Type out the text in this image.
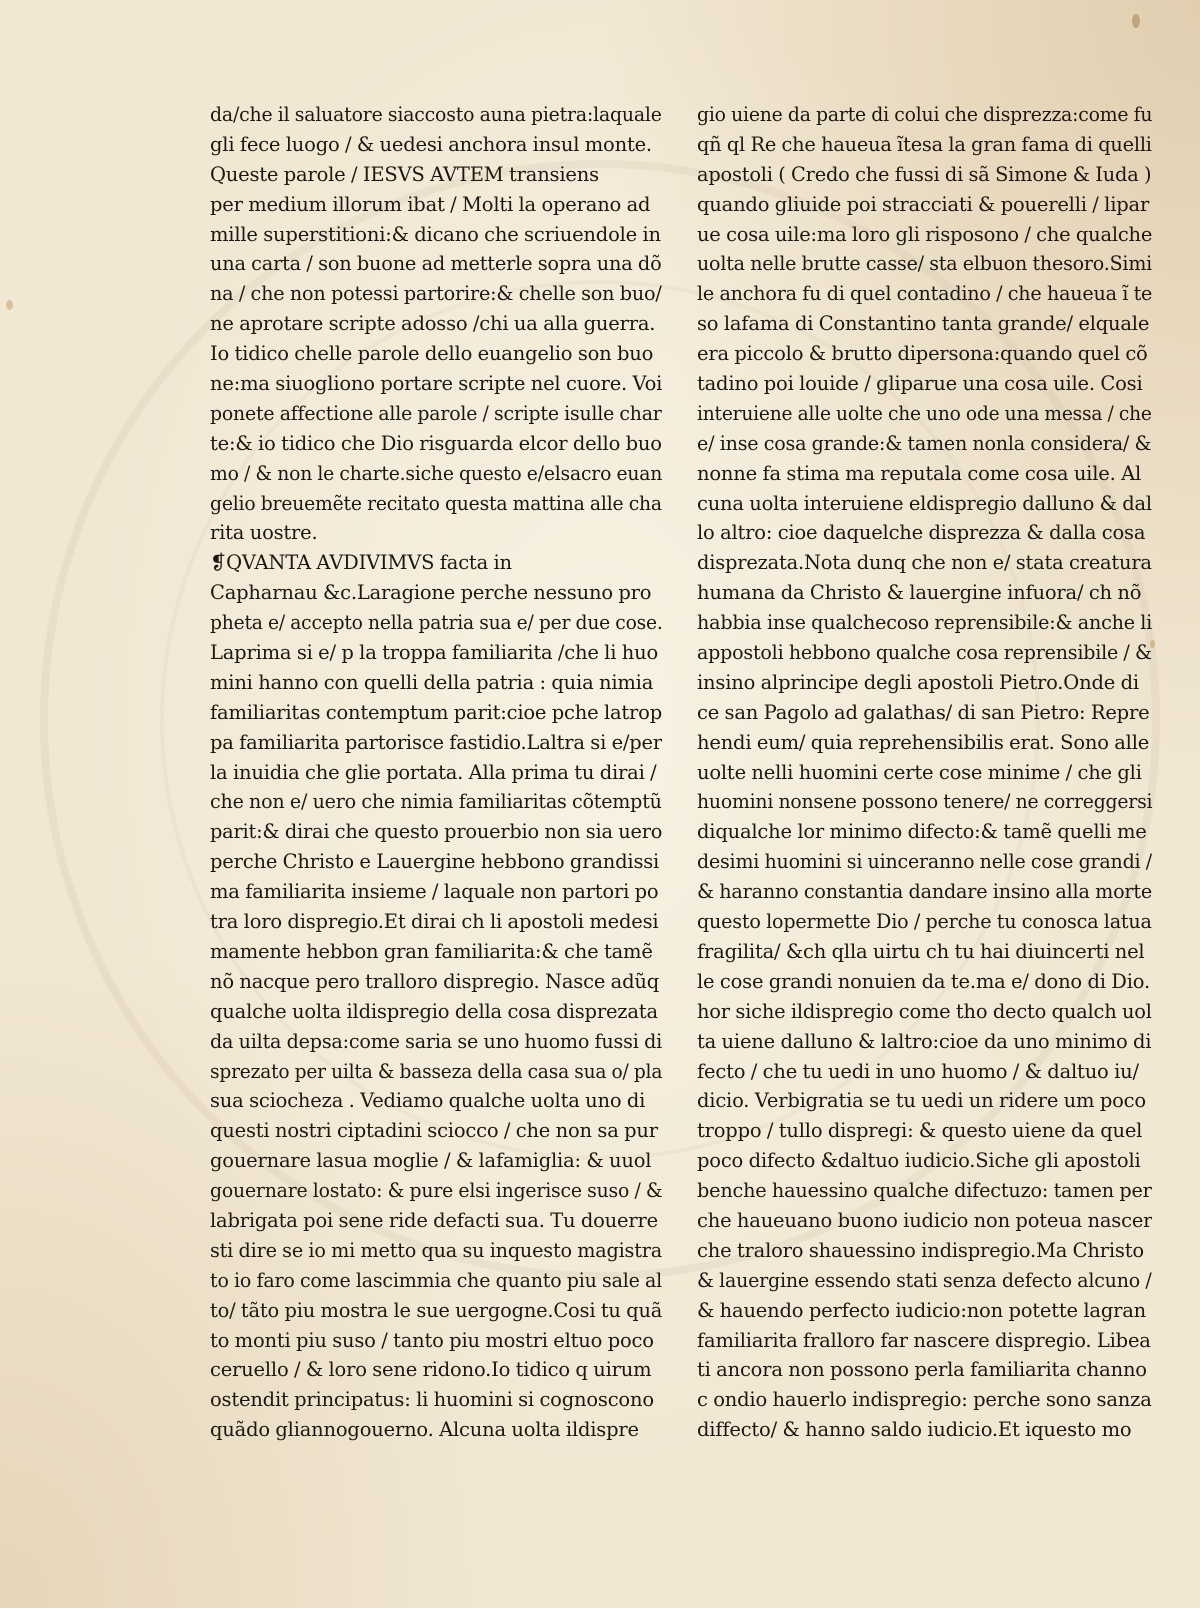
da/che il saluatore siaccosto auna pietra:laquale
gli fece luogo / & uedesi anchora insul monte.
Queste parole / IESVS AVTEM transiens
per medium illorum ibat / Molti la operano ad
mille superstitioni:& dicano che scriuendole in
una carta / son buone ad metterle sopra una dõ
na / che non potessi partorire:& chelle son buo/
ne aprotare scripte adosso /chi ua alla guerra.
Io tidico chelle parole dello euangelio son buo
ne:ma siuogliono portare scripte nel cuore. Voi
ponete affectione alle parole / scripte isulle char
te:& io tidico che Dio risguarda elcor dello buo
mo / & non le charte.siche questo e/elsacro euan
gelio breuemẽte recitato questa mattina alle cha
rita uostre.
❡QVANTA AVDIVIMVS facta in
Capharnau &c.Laragione perche nessuno pro
pheta e/ accepto nella patria sua e/ per due cose.
Laprima si e/ p la troppa familiarita /che li huo
mini hanno con quelli della patria : quia nimia
familiaritas contemptum parit:cioe pche latrop
pa familiarita partorisce fastidio.Laltra si e/per
la inuidia che glie portata. Alla prima tu dirai /
che non e/ uero che nimia familiaritas cõtemptũ
parit:& dirai che questo prouerbio non sia uero
perche Christo e Lauergine hebbono grandissi
ma familiarita insieme / laquale non partori po
tra loro dispregio.Et dirai ch li apostoli medesi
mamente hebbon gran familiarita:& che tamẽ
nõ nacque pero tralloro dispregio. Nasce adũq
qualche uolta ildispregio della cosa disprezata
da uilta depsa:come saria se uno huomo fussi di
sprezato per uilta & basseza della casa sua o/ pla
sua sciocheza . Vediamo qualche uolta uno di
questi nostri ciptadini sciocco / che non sa pur
gouernare lasua moglie / & lafamiglia: & uuol
gouernare lostato: & pure elsi ingerisce suso / &
labrigata poi sene ride defacti sua. Tu douerre
sti dire se io mi metto qua su inquesto magistra
to io faro come lascimmia che quanto piu sale al
to/ tãto piu mostra le sue uergogne.Cosi tu quã
to monti piu suso / tanto piu mostri eltuo poco
ceruello / & loro sene ridono.Io tidico q uirum
ostendit principatus: li huomini si cognoscono
quãdo gliannogouerno. Alcuna uolta ildispre
gio uiene da parte di colui che disprezza:come fu
qñ ql Re che haueua ĩtesa la gran fama di quelli
apostoli ( Credo che fussi di sã Simone & Iuda )
quando gliuide poi stracciati & pouerelli / lipar
ue cosa uile:ma loro gli risposono / che qualche
uolta nelle brutte casse/ sta elbuon thesoro.Simi
le anchora fu di quel contadino / che haueua ĩ te
so lafama di Constantino tanta grande/ elquale
era piccolo & brutto dipersona:quando quel cõ
tadino poi louide / gliparue una cosa uile. Cosi
interuiene alle uolte che uno ode una messa / che
e/ inse cosa grande:& tamen nonla considera/ &
nonne fa stima ma reputala come cosa uile. Al
cuna uolta interuiene eldispregio dalluno & dal
lo altro: cioe daquelche disprezza & dalla cosa
disprezata.Nota dunq che non e/ stata creatura
humana da Christo & lauergine infuora/ ch nõ
habbia inse qualchecoso reprensibile:& anche li
appostoli hebbono qualche cosa reprensibile / &
insino alprincipe degli apostoli Pietro.Onde di
ce san Pagolo ad galathas/ di san Pietro: Repre
hendi eum/ quia reprehensibilis erat. Sono alle
uolte nelli huomini certe cose minime / che gli
huomini nonsene possono tenere/ ne correggersi
diqualche lor minimo difecto:& tamẽ quelli me
desimi huomini si uinceranno nelle cose grandi /
& haranno constantia dandare insino alla morte
questo lopermette Dio / perche tu conosca latua
fragilita/ &ch qlla uirtu ch tu hai diuincerti nel
le cose grandi nonuien da te.ma e/ dono di Dio.
hor siche ildispregio come tho decto qualch uol
ta uiene dalluno & laltro:cioe da uno minimo di
fecto / che tu uedi in uno huomo / & daltuo iu/
dicio. Verbigratia se tu uedi un ridere um poco
troppo / tullo dispregi: & questo uiene da quel
poco difecto &daltuo iudicio.Siche gli apostoli
benche hauessino qualche difectuzo: tamen per
che haueuano buono iudicio non poteua nascer
che traloro shauessino indispregio.Ma Christo
& lauergine essendo stati senza defecto alcuno /
& hauendo perfecto iudicio:non potette lagran
familiarita fralloro far nascere dispregio. Libea
ti ancora non possono perla familiarita channo
c ondio hauerlo indispregio: perche sono sanza
diffecto/ & hanno saldo iudicio.Et iquesto mo
